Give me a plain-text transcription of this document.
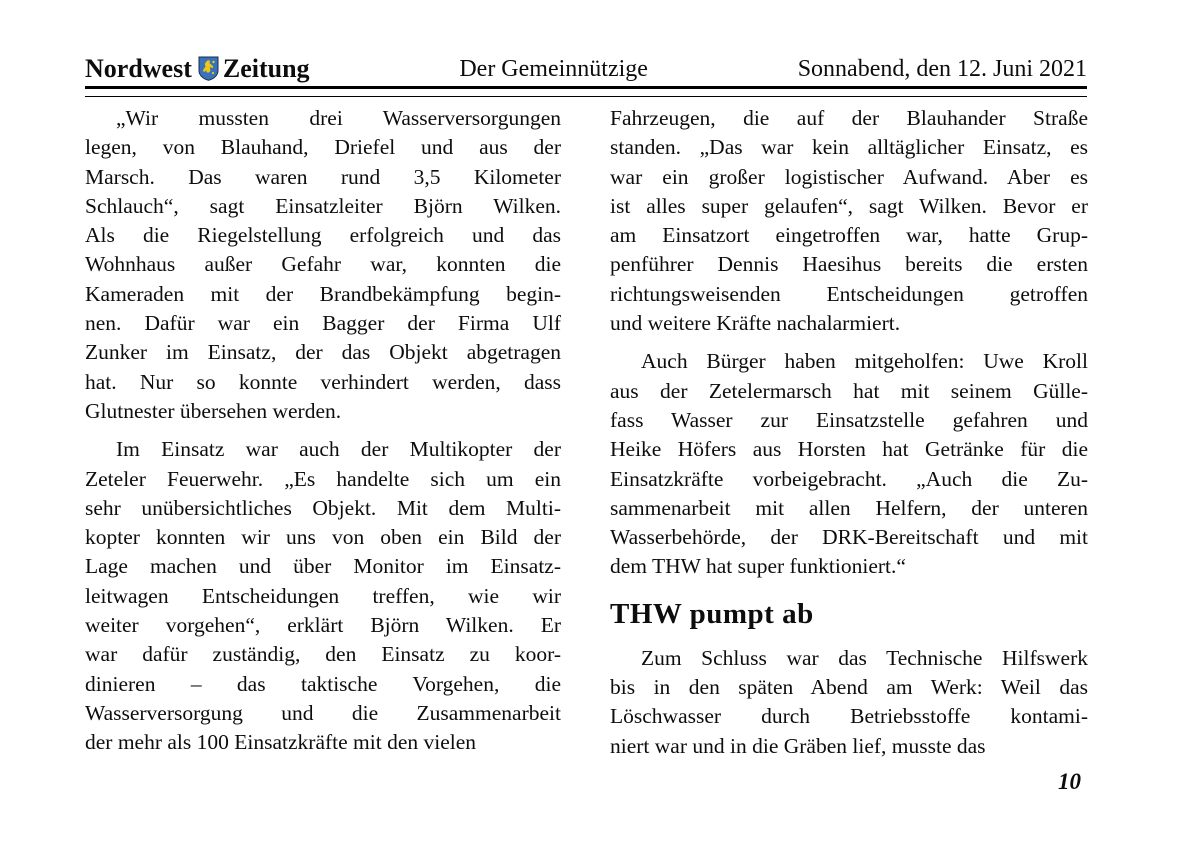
Nordwest Zeitung	Der Gemeinnützige	Sonnabend, den 12. Juni 2021
„Wir mussten drei Wasserversorgungen
legen, von Blauhand, Driefel und aus der
Marsch. Das waren rund 3,5 Kilometer
Schlauch“, sagt Einsatzleiter Björn Wilken.
Als die Riegelstellung erfolgreich und das
Wohnhaus außer Gefahr war, konnten die
Kameraden mit der Brandbekämpfung begin-
nen. Dafür war ein Bagger der Firma Ulf
Zunker im Einsatz, der das Objekt abgetragen
hat. Nur so konnte verhindert werden, dass
Glutnester übersehen werden.
Im Einsatz war auch der Multikopter der
Zeteler Feuerwehr. „Es handelte sich um ein
sehr unübersichtliches Objekt. Mit dem Multi-
kopter konnten wir uns von oben ein Bild der
Lage machen und über Monitor im Einsatz-
leitwagen Entscheidungen treffen, wie wir
weiter vorgehen“, erklärt Björn Wilken. Er
war dafür zuständig, den Einsatz zu koor-
dinieren – das taktische Vorgehen, die
Wasserversorgung und die Zusammenarbeit
der mehr als 100 Einsatzkräfte mit den vielen
Fahrzeugen, die auf der Blauhander Straße
standen. „Das war kein alltäglicher Einsatz, es
war ein großer logistischer Aufwand. Aber es
ist alles super gelaufen“, sagt Wilken. Bevor er
am Einsatzort eingetroffen war, hatte Grup-
penführer Dennis Haesihus bereits die ersten
richtungsweisenden Entscheidungen getroffen
und weitere Kräfte nachalarmiert.
Auch Bürger haben mitgeholfen: Uwe Kroll
aus der Zetelermarsch hat mit seinem Gülle-
fass Wasser zur Einsatzstelle gefahren und
Heike Höfers aus Horsten hat Getränke für die
Einsatzkräfte vorbeigebracht. „Auch die Zu-
sammenarbeit mit allen Helfern, der unteren
Wasserbehörde, der DRK-Bereitschaft und mit
dem THW hat super funktioniert.“
THW pumpt ab
Zum Schluss war das Technische Hilfswerk
bis in den späten Abend am Werk: Weil das
Löschwasser durch Betriebsstoffe kontami-
niert war und in die Gräben lief, musste das
10
